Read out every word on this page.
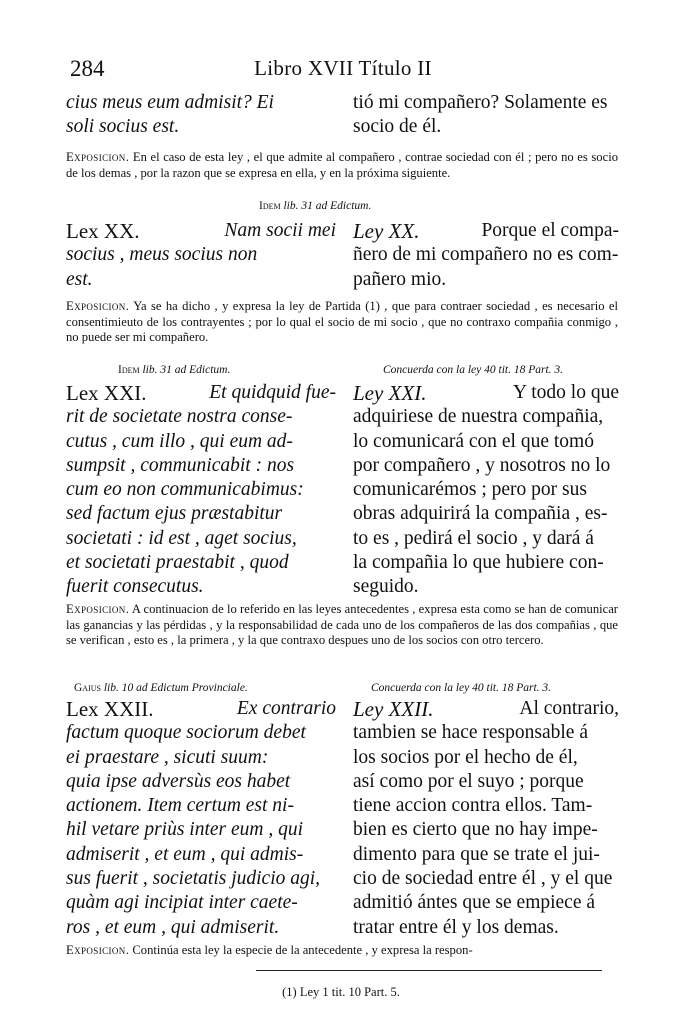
284	Libro XVII Título II
cius meus eum admisit? Ei
soli socius est.
tió mi compañero? Solamente es
socio de él.
Exposicion. En el caso de esta ley , el que admite al compañero , contrae sociedad con él ; pero no es socio de los demas , por la razon que se expresa en ella, y en la próxima siguiente.
Idem lib. 31 ad Edictum.
Lex XX.	Nam socii mei
socius , meus socius non
est.
Ley XX.	Porque el compa-
ñero de mi compañero no es com-
pañero mio.
Exposicion. Ya se ha dicho , y expresa la ley de Partida (1) , que para contraer sociedad , es necesario el consentimieuto de los contrayentes ; por lo qual el socio de mi socio , que no contraxo compañia conmigo , no puede ser mi compañero.
Idem lib. 31 ad Edictum.	Concuerda con la ley 40 tit. 18 Part. 3.
Lex XXI.	Et quidquid fue-
rit de societate nostra conse-
cutus , cum illo , qui eum ad-
sumpsit , communicabit : nos
cum eo non communicabimus:
sed factum ejus præstabitur
societati : id est , aget socius,
et societati praestabit , quod
fuerit consecutus.
Ley XXI.	Y todo lo que
adquiriese de nuestra compañia,
lo comunicará con el que tomó
por compañero , y nosotros no lo
comunicarémos ; pero por sus
obras adquirirá la compañia , es-
to es , pedirá el socio , y dará á
la compañia lo que hubiere con-
seguido.
Exposicion. A continuacion de lo referido en las leyes antecedentes , expresa esta como se han de comunicar las ganancias y las pérdidas , y la responsabilidad de cada uno de los compañeros de las dos compañias , que se verifican , esto es , la primera , y la que contraxo despues uno de los socios con otro tercero.
Gaius lib. 10 ad Edictum Provinciale.	Concuerda con la ley 40 tit. 18 Part. 3.
Lex XXII.	Ex contrario
factum quoque sociorum debet
ei praestare , sicuti suum:
quia ipse adversùs eos habet
actionem. Item certum est ni-
hil vetare priùs inter eum , qui
admiserit , et eum , qui admis-
sus fuerit , societatis judicio agi,
quàm agi incipiat inter caete-
ros , et eum , qui admiserit.
Ley XXII.	Al contrario,
tambien se hace responsable á
los socios por el hecho de él,
así como por el suyo ; porque
tiene accion contra ellos. Tam-
bien es cierto que no hay impe-
dimento para que se trate el jui-
cio de sociedad entre él , y el que
admitió ántes que se empiece á
tratar entre él y los demas.
Exposicion. Continúa esta ley la especie de la antecedente , y expresa la respon-
(1) Ley 1 tit. 10 Part. 5.
